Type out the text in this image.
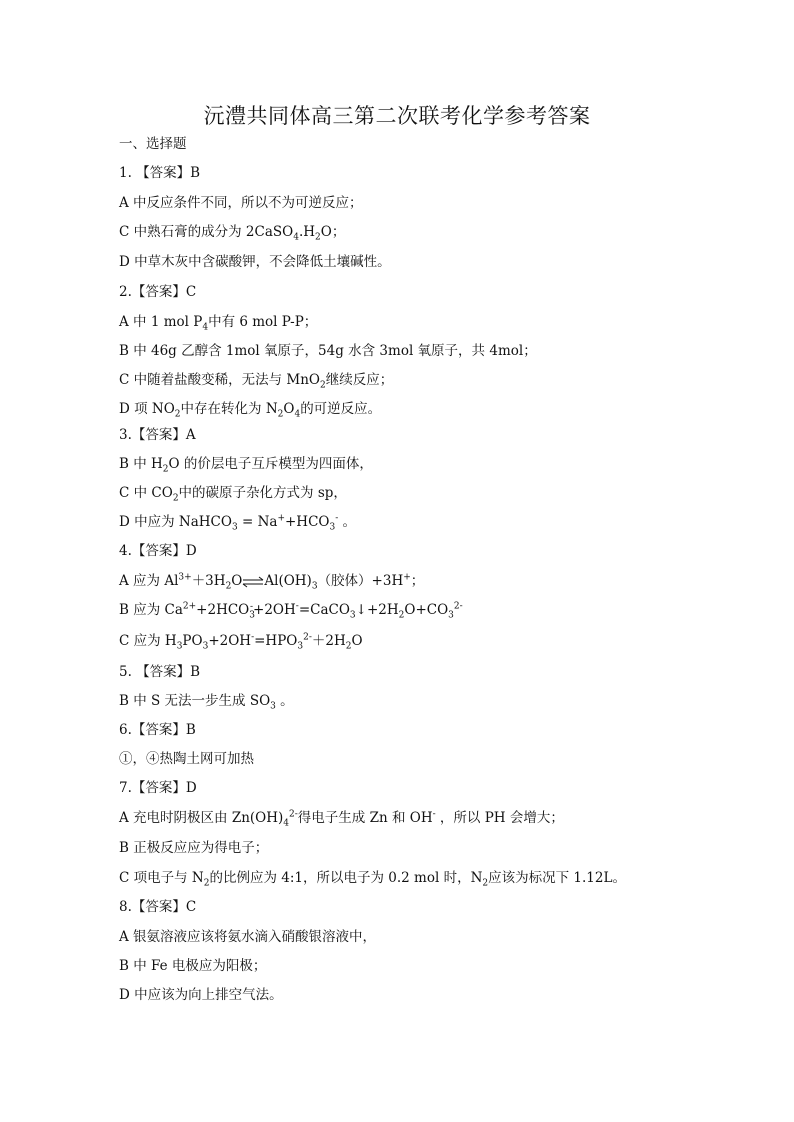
沅澧共同体高三第二次联考化学参考答案
一、选择题
1. 【答案】B
A 中反应条件不同，所以不为可逆反应；
C 中熟石膏的成分为 $2CaSO_4.H_2O$；
D 中草木灰中含碳酸钾，不会降低土壤碱性。
2.【答案】C
A 中 1 mol $P_4$中有 6 mol P-P；
B 中 46g 乙醇含 1mol 氧原子，54g 水含 3mol 氧原子，共 4mol；
C 中随着盐酸变稀，无法与 MnO$_2$继续反应；
D 项 $NO_2$中存在转化为 $N_2O_4$的可逆反应。
3.【答案】A
B 中 $H_2O$ 的价层电子互斥模型为四面体，
C 中 $CO_2$中的碳原子杂化方式为 sp，
D 中应为 NaHCO$_3$ = $Na^++HCO_3^-$ 。
4.【答案】D
A 应为 $Al^{3+}+3H_2O\rightleftharpoons Al(OH)_3$（胶体）+3H+；
B 应为 $Ca^{2+}+2HCO_3^-+2OH^-=CaCO_3↓+2H_2O+CO_3^{2-}$
C 应为 $H_3PO_3+2OH^-=HPO_3^{2-}+2H_2O$
5. 【答案】B
B 中 S 无法一步生成 $SO_3$ 。
6.【答案】B
①，④热陶土网可加热
7.【答案】D
A 充电时阴极区由 $Zn(OH)_4^{2-}$得电子生成 Zn 和 OH- ，所以 PH 会增大；
B 正极反应应为得电子；
C 项电子与 $N_2$的比例应为 4:1，所以电子为 0.2 mol 时，$N_2$应该为标况下 1.12L。
8.【答案】C
A 银氨溶液应该将氨水滴入硝酸银溶液中，
B 中 Fe 电极应为阳极；
D 中应该为向上排空气法。
